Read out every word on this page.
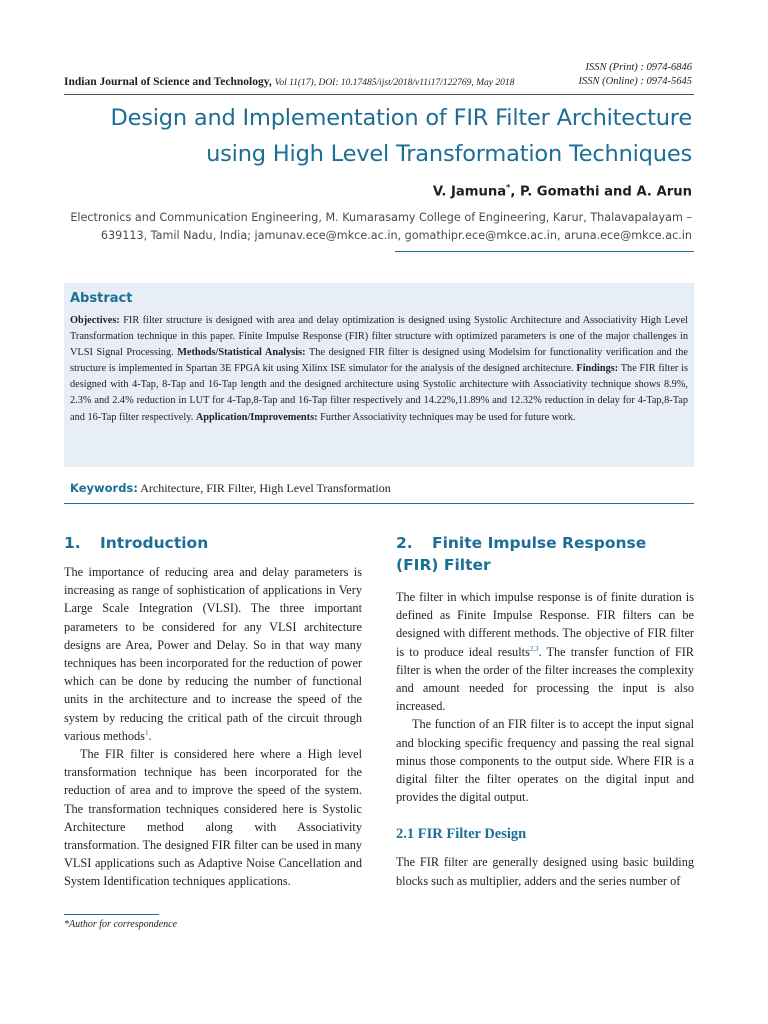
Indian Journal of Science and Technology, Vol 11(17), DOI: 10.17485/ijst/2018/v11i17/122769, May 2018
ISSN (Print) : 0974-6846
ISSN (Online) : 0974-5645
Design and Implementation of FIR Filter Architecture
using High Level Transformation Techniques
V. Jamuna*, P. Gomathi and A. Arun
Electronics and Communication Engineering, M. Kumarasamy College of Engineering, Karur, Thalavapalayam –
639113, Tamil Nadu, India; jamunav.ece@mkce.ac.in, gomathipr.ece@mkce.ac.in, aruna.ece@mkce.ac.in
Abstract

Objectives: FIR filter structure is designed with area and delay optimization is designed using Systolic Architecture and Associativity High Level Transformation technique in this paper. Finite Impulse Response (FIR) filter structure with optimized parameters is one of the major challenges in VLSI Signal Processing. Methods/Statistical Analysis: The designed FIR filter is designed using Modelsim for functionality verification and the structure is implemented in Spartan 3E FPGA kit using Xilinx ISE simulator for the analysis of the designed architecture. Findings: The FIR filter is designed with 4-Tap, 8-Tap and 16-Tap length and the designed architecture using Systolic architecture with Associativity technique shows 8.9%, 2.3% and 2.4% reduction in LUT for 4-Tap,8-Tap and 16-Tap filter respectively and 14.22%,11.89% and 12.32% reduction in delay for 4-Tap,8-Tap and 16-Tap filter respectively. Application/Improvements: Further Associativity techniques may be used for future work.

Keywords: Architecture, FIR Filter, High Level Transformation
1. Introduction

The importance of reducing area and delay parameters is increasing as range of sophistication of applications in Very Large Scale Integration (VLSI). The three important parameters to be considered for any VLSI architecture designs are Area, Power and Delay. So in that way many techniques has been incorporated for the reduction of power which can be done by reducing the number of functional units in the architecture and to increase the speed of the system by reducing the critical path of the circuit through various methods$^1$.

The FIR filter is considered here where a High level transformation technique has been incorporated for the reduction of area and to improve the speed of the system. The transformation techniques considered here is Systolic Architecture method along with Associativity transformation. The designed FIR filter can be used in many VLSI applications such as Adaptive Noise Cancellation and System Identification techniques applications.

2. Finite Impulse Response (FIR) Filter

The filter in which impulse response is of finite duration is defined as Finite Impulse Response. FIR filters can be designed with different methods. The objective of FIR filter is to produce ideal results$^{2,3}$. The transfer function of FIR filter is when the order of the filter increases the complexity and amount needed for processing the input is also increased.

The function of an FIR filter is to accept the input signal and blocking specific frequency and passing the real signal minus those components to the output side. Where FIR is a digital filter the filter operates on the digital input and provides the digital output.

2.1 FIR Filter Design

The FIR filter are generally designed using basic building blocks such as multiplier, adders and the series number of

*Author for correspondence
